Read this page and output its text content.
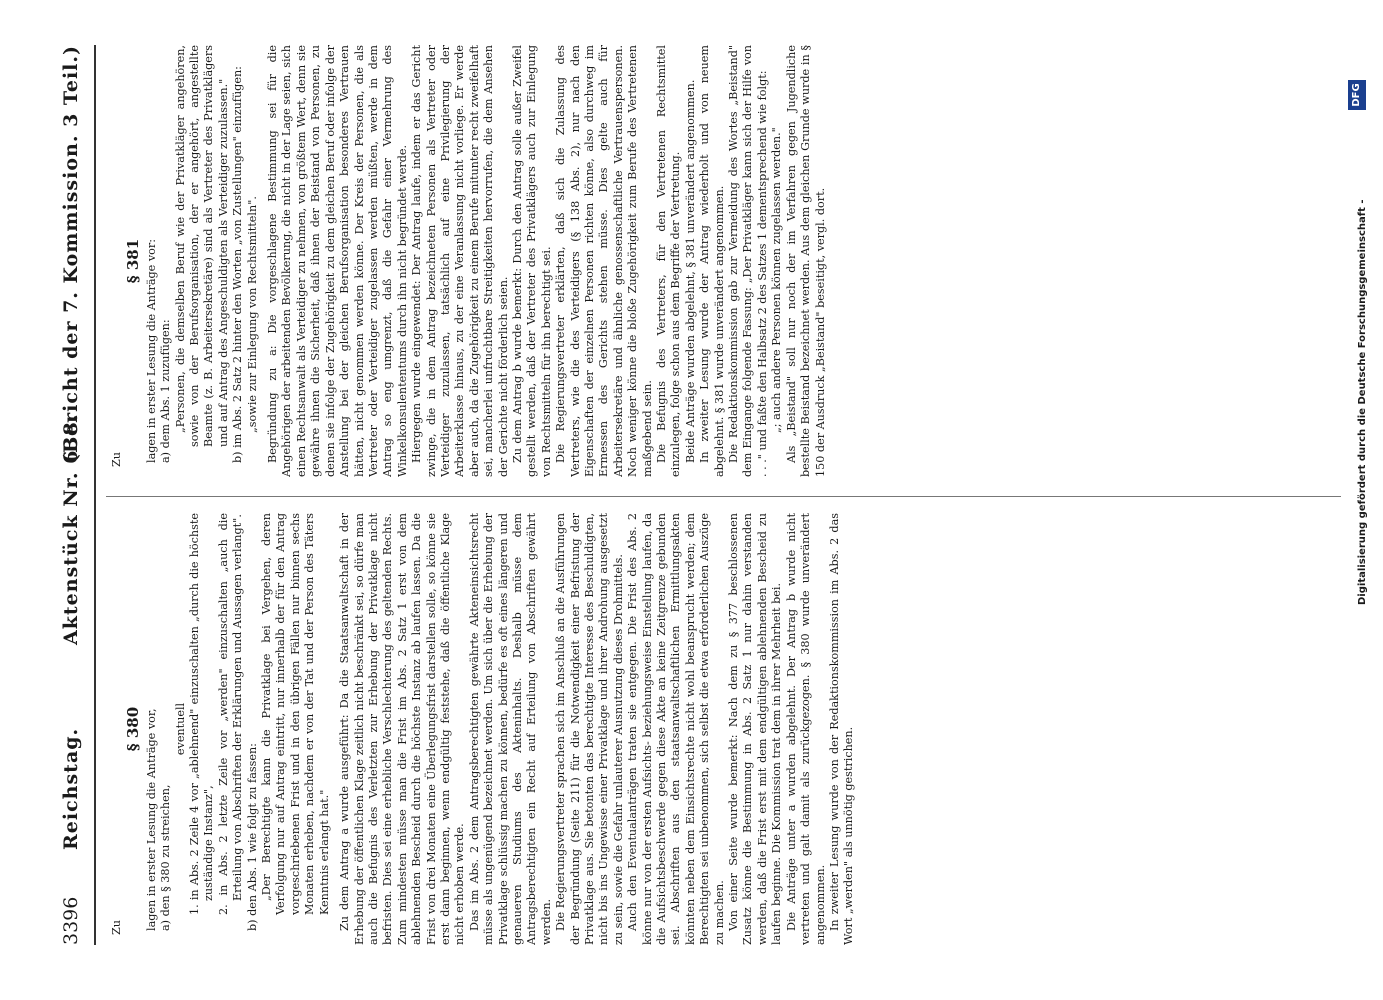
3396
Reichstag.
Aktenstück Nr. 638.
(Bericht der 7. Kommission. 3 Teil.)

Zu

§ 380 lagen in erster Lesung die Anträge vor, a) den § 380 zu streichen,

eventuell 1. in Abs. 2 Zeile 4 vor „ablehnend" einzuschalten „durch die höchste zuständige Instanz", 2. in Abs. 2 letzte Zeile vor „werden" einzuschalten „auch die Erteilung von Abschriften der Erklärungen und Aussagen verlangt". b) den Abs. 1 wie folgt zu fassen: „Der Berechtigte kann die Privatklage bei Vergehen, deren Verfolgung nur auf Antrag eintritt, nur innerhalb der für den Antrag vorgeschriebenen Frist und in den übrigen Fällen nur binnen sechs Monaten erheben, nachdem er von der Tat und der Person des Täters Kenntnis erlangt hat." Zu dem Antrag a wurde ausgeführt: Da die Staatsanwaltschaft in der Erhebung der öffentlichen Klage zeitlich nicht beschränkt sei, so dürfe man auch die Befugnis des Verletzten zur Erhebung der Privatklage nicht befristen. Dies sei eine erhebliche Verschlechterung des geltenden Rechts. Zum mindesten müsse man die Frist im Abs. 2 Satz 1 erst von dem ablehnenden Bescheid durch die höchste Instanz ab laufen lassen. Da die Frist von drei Monaten eine Überlegungsfrist darstellen solle, so könne sie erst dann beginnen, wenn endgültig feststehe, daß die öffentliche Klage nicht erhoben werde. Das im Abs. 2 dem Antragsberechtigten gewährte Akteneinsichtsrecht müsse als ungenügend bezeichnet werden. Um sich über die Erhebung der Privatklage schlüssig machen zu können, bedürfe es oft eines längeren und genaueren Studiums des Akteninhalts. Deshalb müsse dem Antragsberechtigten ein Recht auf Erteilung von Abschriften gewährt werden. Die Regierungsvertreter sprachen sich im Anschluß an die Ausführungen der Begründung (Seite 211) für die Notwendigkeit einer Befristung der Privatklage aus. Sie betonten das berechtigte Interesse des Beschuldigten, nicht bis ins Ungewisse einer Privatklage und ihrer Androhung ausgesetzt zu sein, sowie die Gefahr unlauterer Ausnutzung dieses Drohmittels. Auch den Eventualanträgen traten sie entgegen. Die Frist des Abs. 2 könne nur von der ersten Aufsichts- beziehungsweise Einstellung laufen, da die Aufsichtsbeschwerde gegen diese Akte an keine Zeitgrenze gebunden sei. Abschriften aus den staatsanwaltschaftlichen Ermittlungsakten könnten neben dem Einsichtsrechte nicht wohl beansprucht werden; dem Berechtigten sei unbenommen, sich selbst die etwa erforderlichen Auszüge zu machen. Von einer Seite wurde bemerkt: Nach dem zu § 377 beschlossenen Zusatz könne die Bestimmung in Abs. 2 Satz 1 nur dahin verstanden werden, daß die Frist erst mit dem endgültigen ablehnenden Bescheid zu laufen beginne. Die Kommission trat dem in ihrer Mehrheit bei. Die Anträge unter a wurden abgelehnt. Der Antrag b wurde nicht vertreten und galt damit als zurückgezogen. § 380 wurde unverändert angenommen. In zweiter Lesung wurde von der Redaktionskommission im Abs. 2 das Wort „werden" als unnötig gestrichen.

Zu

§ 381 lagen in erster Lesung die Anträge vor: a) dem Abs. 1 zuzufügen: „Personen, die demselben Beruf wie der Privatkläger angehören, sowie von der Berufsorganisation, der er angehört, angestellte Beamte (z. B. Arbeitersekretäre) sind als Vertreter des Privatklägers und auf Antrag des Angeschuldigten als Verteidiger zuzulassen." b) im Abs. 2 Satz 2 hinter den Worten „von Zustellungen" einzufügen: „sowie zur Einlegung von Rechtsmitteln". Begründung zu a: Die vorgeschlagene Bestimmung sei für die Angehörigen der arbeitenden Bevölkerung, die nicht in der Lage seien, sich einen Rechtsanwalt als Verteidiger zu nehmen, von größtem Wert, denn sie gewähre ihnen die Sicherheit, daß ihnen der Beistand von Personen, zu denen sie infolge der Zugehörigkeit zu dem gleichen Beruf oder infolge der Anstellung bei der gleichen Berufsorganisation besonderes Vertrauen hätten, nicht genommen werden könne. Der Kreis der Personen, die als Vertreter oder Verteidiger zugelassen werden müßten, werde in dem Antrag so eng umgrenzt, daß die Gefahr einer Vermehrung des Winkelkonsulententums durch ihn nicht begründet werde. Hiergegen wurde eingewendet: Der Antrag laufe, indem er das Gericht zwinge, die in dem Antrag bezeichneten Personen als Vertreter oder Verteidiger zuzulassen, tatsächlich auf eine Privilegierung der Arbeiterklasse hinaus, zu der eine Veranlassung nicht vorliege. Er werde aber auch, da die Zugehörigkeit zu einem Berufe mitunter recht zweifelhaft sei, mancherlei unfruchtbare Streitigkeiten hervorrufen, die dem Ansehen der Gerichte nicht förderlich seien. Zu dem Antrag b wurde bemerkt: Durch den Antrag solle außer Zweifel gestellt werden, daß der Vertreter des Privatklägers auch zur Einlegung von Rechtsmitteln für ihn berechtigt sei. Die Regierungsvertreter erklärten, daß sich die Zulassung des Vertreters, wie die des Verteidigers (§ 138 Abs. 2), nur nach den Eigenschaften der einzelnen Personen richten könne, also durchweg im Ermessen des Gerichts stehen müsse. Dies gelte auch für Arbeitersekretäre und ähnliche genossenschaftliche Vertrauenspersonen. Noch weniger könne die bloße Zugehörigkeit zum Berufe des Vertretenen maßgebend sein. Die Befugnis des Vertreters, für den Vertretenen Rechtsmittel einzulegen, folge schon aus dem Begriffe der Vertretung. Beide Anträge wurden abgelehnt, § 381 unverändert angenommen. In zweiter Lesung wurde der Antrag wiederholt und von neuem abgelehnt. § 381 wurde unverändert angenommen. Die Redaktionskommission gab zur Vermeidung des Wortes „Beistand" dem Eingange folgende Fassung: „Der Privatkläger kann sich der Hilfe von . . ." und faßte den Halbsatz 2 des Satzes 1 dementsprechend wie folgt: „; auch andere Personen können zugelassen werden." Als „Beistand" soll nur noch der im Verfahren gegen Jugendliche bestellte Beistand bezeichnet werden. Aus dem gleichen Grunde wurde in § 150 der Ausdruck „Beistand" beseitigt, vergl. dort.	Digitalisierung gefördert durch die Deutsche Forschungsgemeinschaft -
DFG
